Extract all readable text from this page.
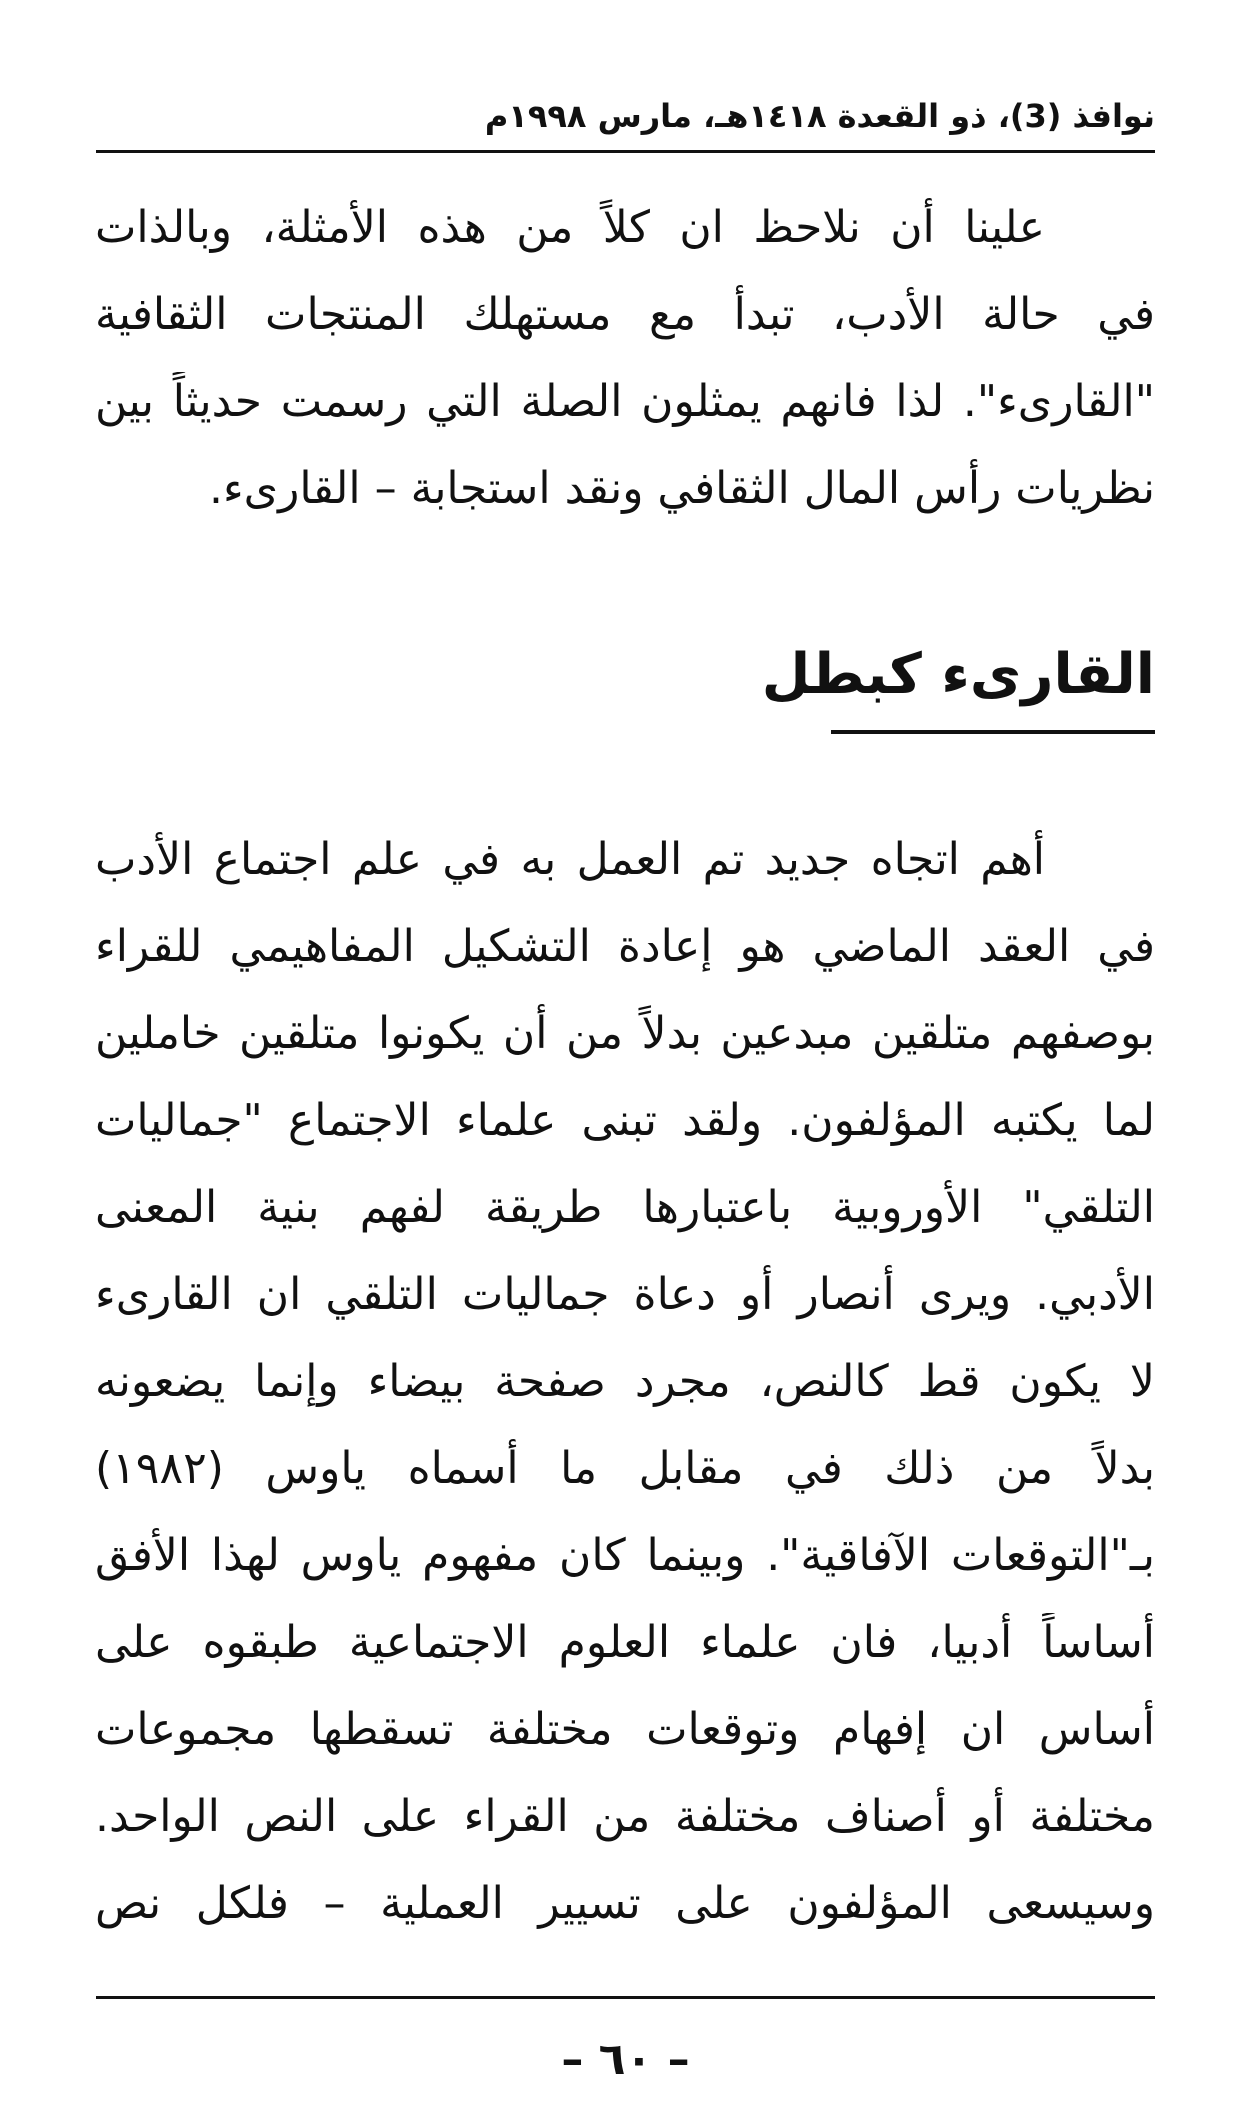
نوافذ (3)، ذو القعدة ١٤١٨هـ، مارس ١٩٩٨م
علينا أن نلاحظ ان كلاً من هذه الأمثلة، وبالذات
في حالة الأدب، تبدأ مع مستهلك المنتجات الثقافية
"القارىء". لذا فانهم يمثلون الصلة التي رسمت حديثاً بين
نظريات رأس المال الثقافي ونقد استجابة – القارىء.
القارىء كبطل
أهم اتجاه جديد تم العمل به في علم اجتماع الأدب
في العقد الماضي هو إعادة التشكيل المفاهيمي للقراء
بوصفهم متلقين مبدعين بدلاً من أن يكونوا متلقين خاملين
لما يكتبه المؤلفون. ولقد تبنى علماء الاجتماع "جماليات
التلقي" الأوروبية باعتبارها طريقة لفهم بنية المعنى
الأدبي. ويرى أنصار أو دعاة جماليات التلقي ان القارىء
لا يكون قط كالنص، مجرد صفحة بيضاء وإنما يضعونه
بدلاً من ذلك في مقابل ما أسماه ياوس (١٩٨٢)
بـ"التوقعات الآفاقية". وبينما كان مفهوم ياوس لهذا الأفق
أساساً أدبيا، فان علماء العلوم الاجتماعية طبقوه على
أساس ان إفهام وتوقعات مختلفة تسقطها مجموعات
مختلفة أو أصناف مختلفة من القراء على النص الواحد.
وسيسعى المؤلفون على تسيير العملية – فلكل نص
– ٦٠ –
